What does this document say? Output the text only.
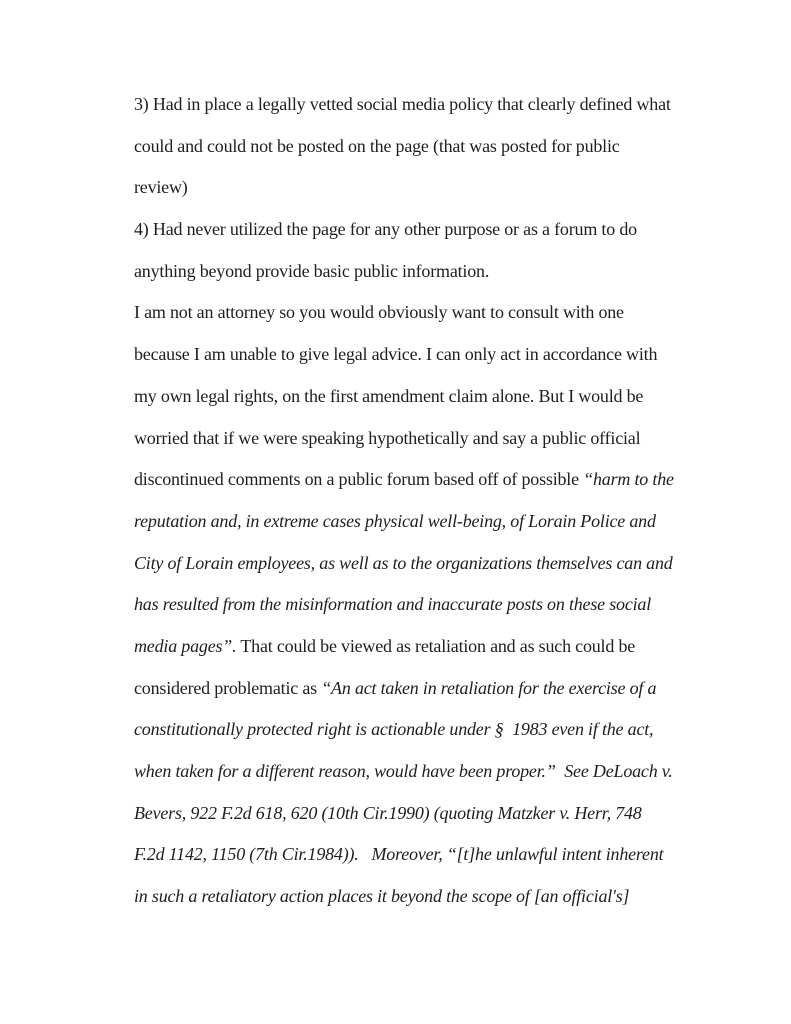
3) Had in place a legally vetted social media policy that clearly defined what
could and could not be posted on the page (that was posted for public
review)
4) Had never utilized the page for any other purpose or as a forum to do
anything beyond provide basic public information.
I am not an attorney so you would obviously want to consult with one
because I am unable to give legal advice. I can only act in accordance with
my own legal rights, on the first amendment claim alone. But I would be
worried that if we were speaking hypothetically and say a public official
discontinued comments on a public forum based off of possible “harm to the
reputation and, in extreme cases physical well-being, of Lorain Police and
City of Lorain employees, as well as to the organizations themselves can and
has resulted from the misinformation and inaccurate posts on these social
media pages”. That could be viewed as retaliation and as such could be
considered problematic as “An act taken in retaliation for the exercise of a
constitutionally protected right is actionable under §  1983 even if the act,
when taken for a different reason, would have been proper.”  See DeLoach v.
Bevers, 922 F.2d 618, 620 (10th Cir.1990) (quoting Matzker v. Herr, 748
F.2d 1142, 1150 (7th Cir.1984)).   Moreover, “[t]he unlawful intent inherent
in such a retaliatory action places it beyond the scope of [an official's]
